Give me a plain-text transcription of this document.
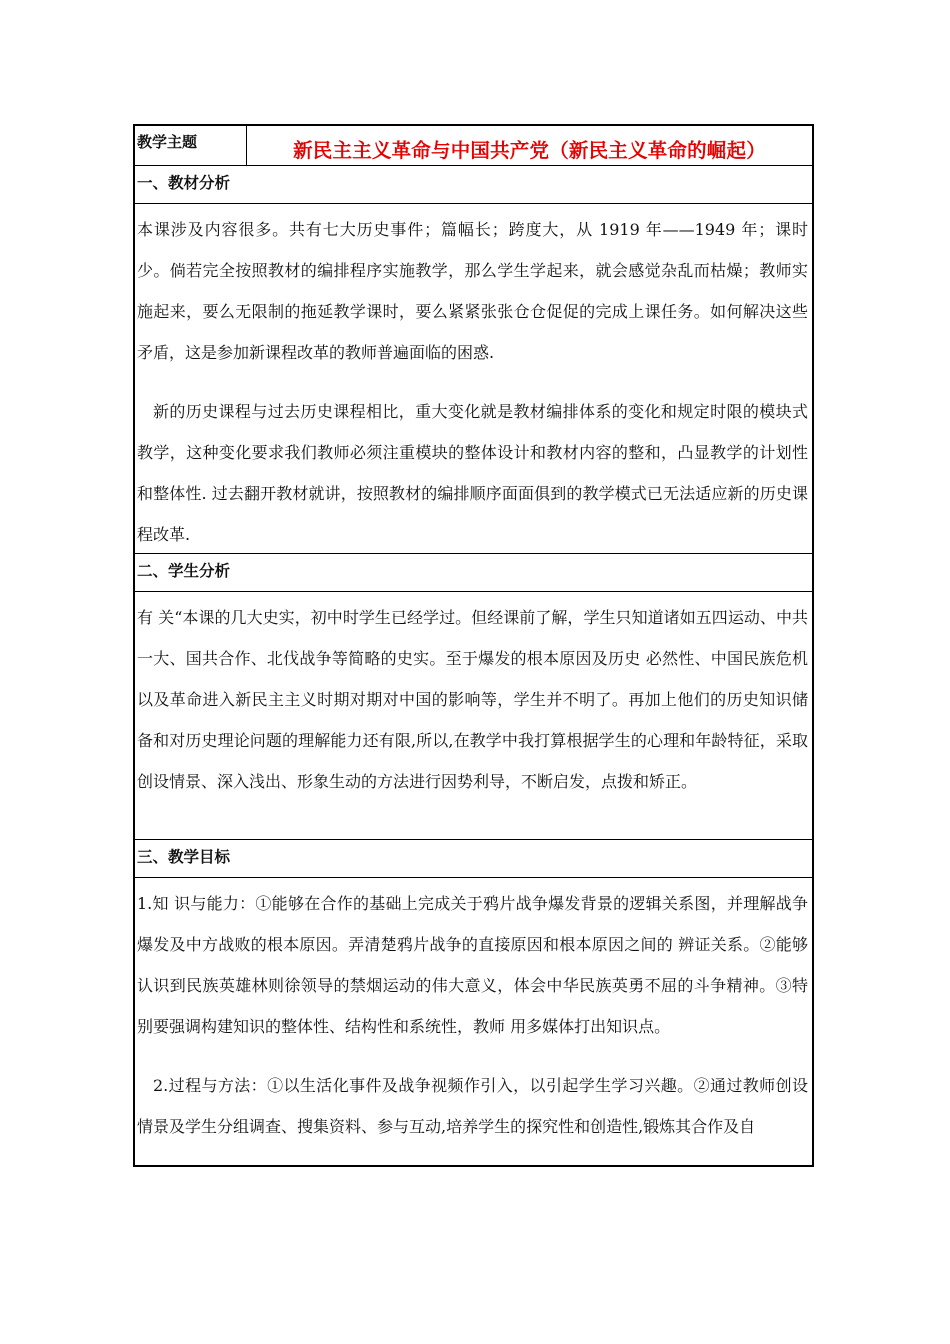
教学主题	新民主主义革命与中国共产党（新民主义革命的崛起）
一、教材分析

本课涉及内容很多。共有七大历史事件；篇幅长；跨度大，从 1919 年——1949 年；课时少。倘若完全按照教材的编排程序实施教学，那么学生学起来，就会感觉杂乱而枯燥；教师实施起来，要么无限制的拖延教学课时，要么紧紧张张仓仓促促的完成上课任务。如何解决这些矛盾，这是参加新课程改革的教师普遍面临的困惑.

新的历史课程与过去历史课程相比，重大变化就是教材编排体系的变化和规定时限的模块式教学，这种变化要求我们教师必须注重模块的整体设计和教材内容的整和，凸显教学的计划性和整体性. 过去翻开教材就讲，按照教材的编排顺序面面俱到的教学模式已无法适应新的历史课程改革.

二、学生分析

有 关“本课的几大史实，初中时学生已经学过。但经课前了解，学生只知道诸如五四运动、中共一大、国共合作、北伐战争等简略的史实。至于爆发的根本原因及历史 必然性、中国民族危机以及革命进入新民主主义时期对期对中国的影响等，学生并不明了。再加上他们的历史知识储备和对历史理论问题的理解能力还有限,所以,在教学中我打算根据学生的心理和年龄特征，采取创设情景、深入浅出、形象生动的方法进行因势利导，不断启发，点拨和矫正。

三、教学目标

1.知 识与能力：①能够在合作的基础上完成关于鸦片战争爆发背景的逻辑关系图，并理解战争爆发及中方战败的根本原因。弄清楚鸦片战争的直接原因和根本原因之间的 辨证关系。②能够认识到民族英雄林则徐领导的禁烟运动的伟大意义，体会中华民族英勇不屈的斗争精神。③特别要强调构建知识的整体性、结构性和系统性，教师 用多媒体打出知识点。

2.过程与方法：①以生活化事件及战争视频作引入，以引起学生学习兴趣。②通过教师创设情景及学生分组调查、搜集资料、参与互动,培养学生的探究性和创造性,锻炼其合作及自
